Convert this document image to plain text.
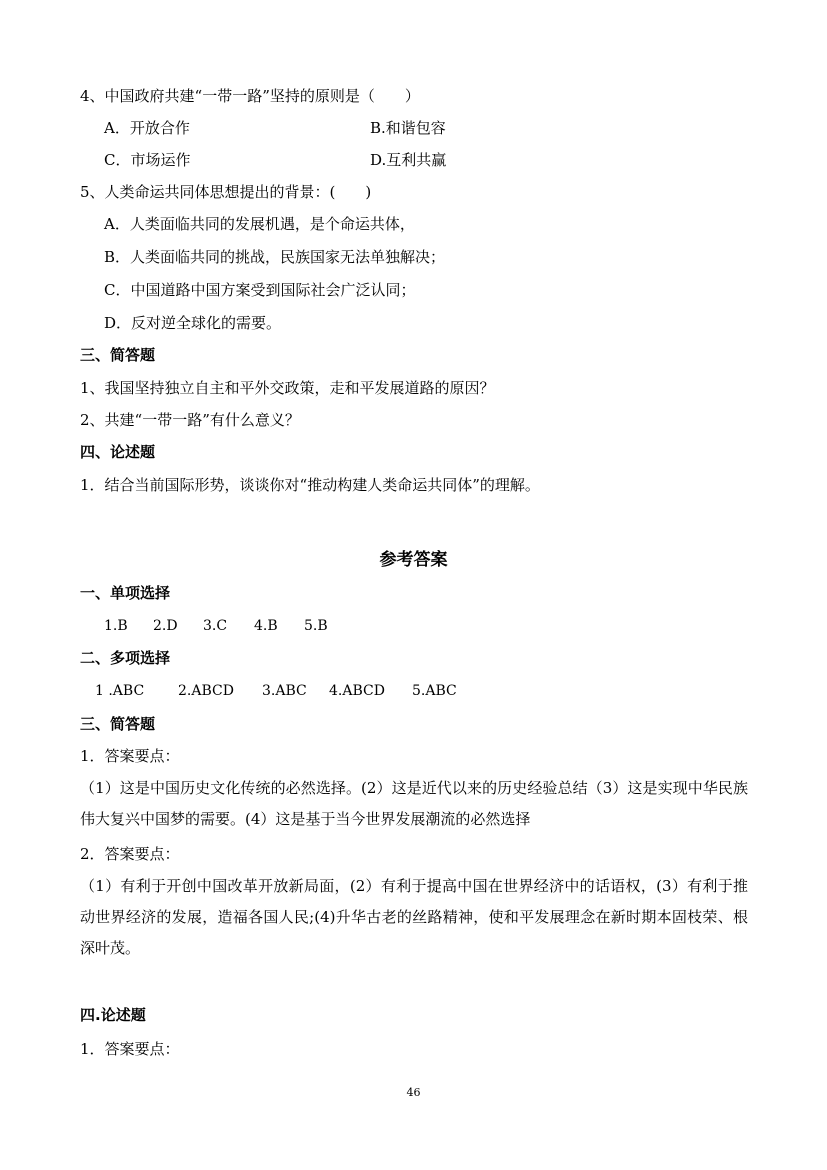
4、中国政府共建“一带一路”坚持的原则是（　　）
A．开放合作	B.和谐包容
C．市场运作	D.互利共赢
5、人类命运共同体思想提出的背景：(　　)
A．人类面临共同的发展机遇，是个命运共体，
B．人类面临共同的挑战，民族国家无法单独解决；
C．中国道路中国方案受到国际社会广泛认同；
D．反对逆全球化的需要。
三、简答题
1、我国坚持独立自主和平外交政策，走和平发展道路的原因？
2、共建“一带一路”有什么意义？
四、论述题
1．结合当前国际形势，谈谈你对“推动构建人类命运共同体”的理解。
参考答案
一、单项选择
1.B 2.D 3.C 4.B 5.B
二、多项选择
1 .ABC 2.ABCD 3.ABC 4.ABCD 5.ABC
三、简答题
1．答案要点：
（1）这是中国历史文化传统的必然选择。(2）这是近代以来的历史经验总结（3）这是实现中华民族伟大复兴中国梦的需要。(4）这是基于当今世界发展潮流的必然选择
2．答案要点：
（1）有利于开创中国改革开放新局面，(2）有利于提高中国在世界经济中的话语权，(3）有利于推动世界经济的发展，造福各国人民;(4)升华古老的丝路精神，使和平发展理念在新时期本固枝荣、根深叶茂。
四.论述题
1．答案要点：
46
